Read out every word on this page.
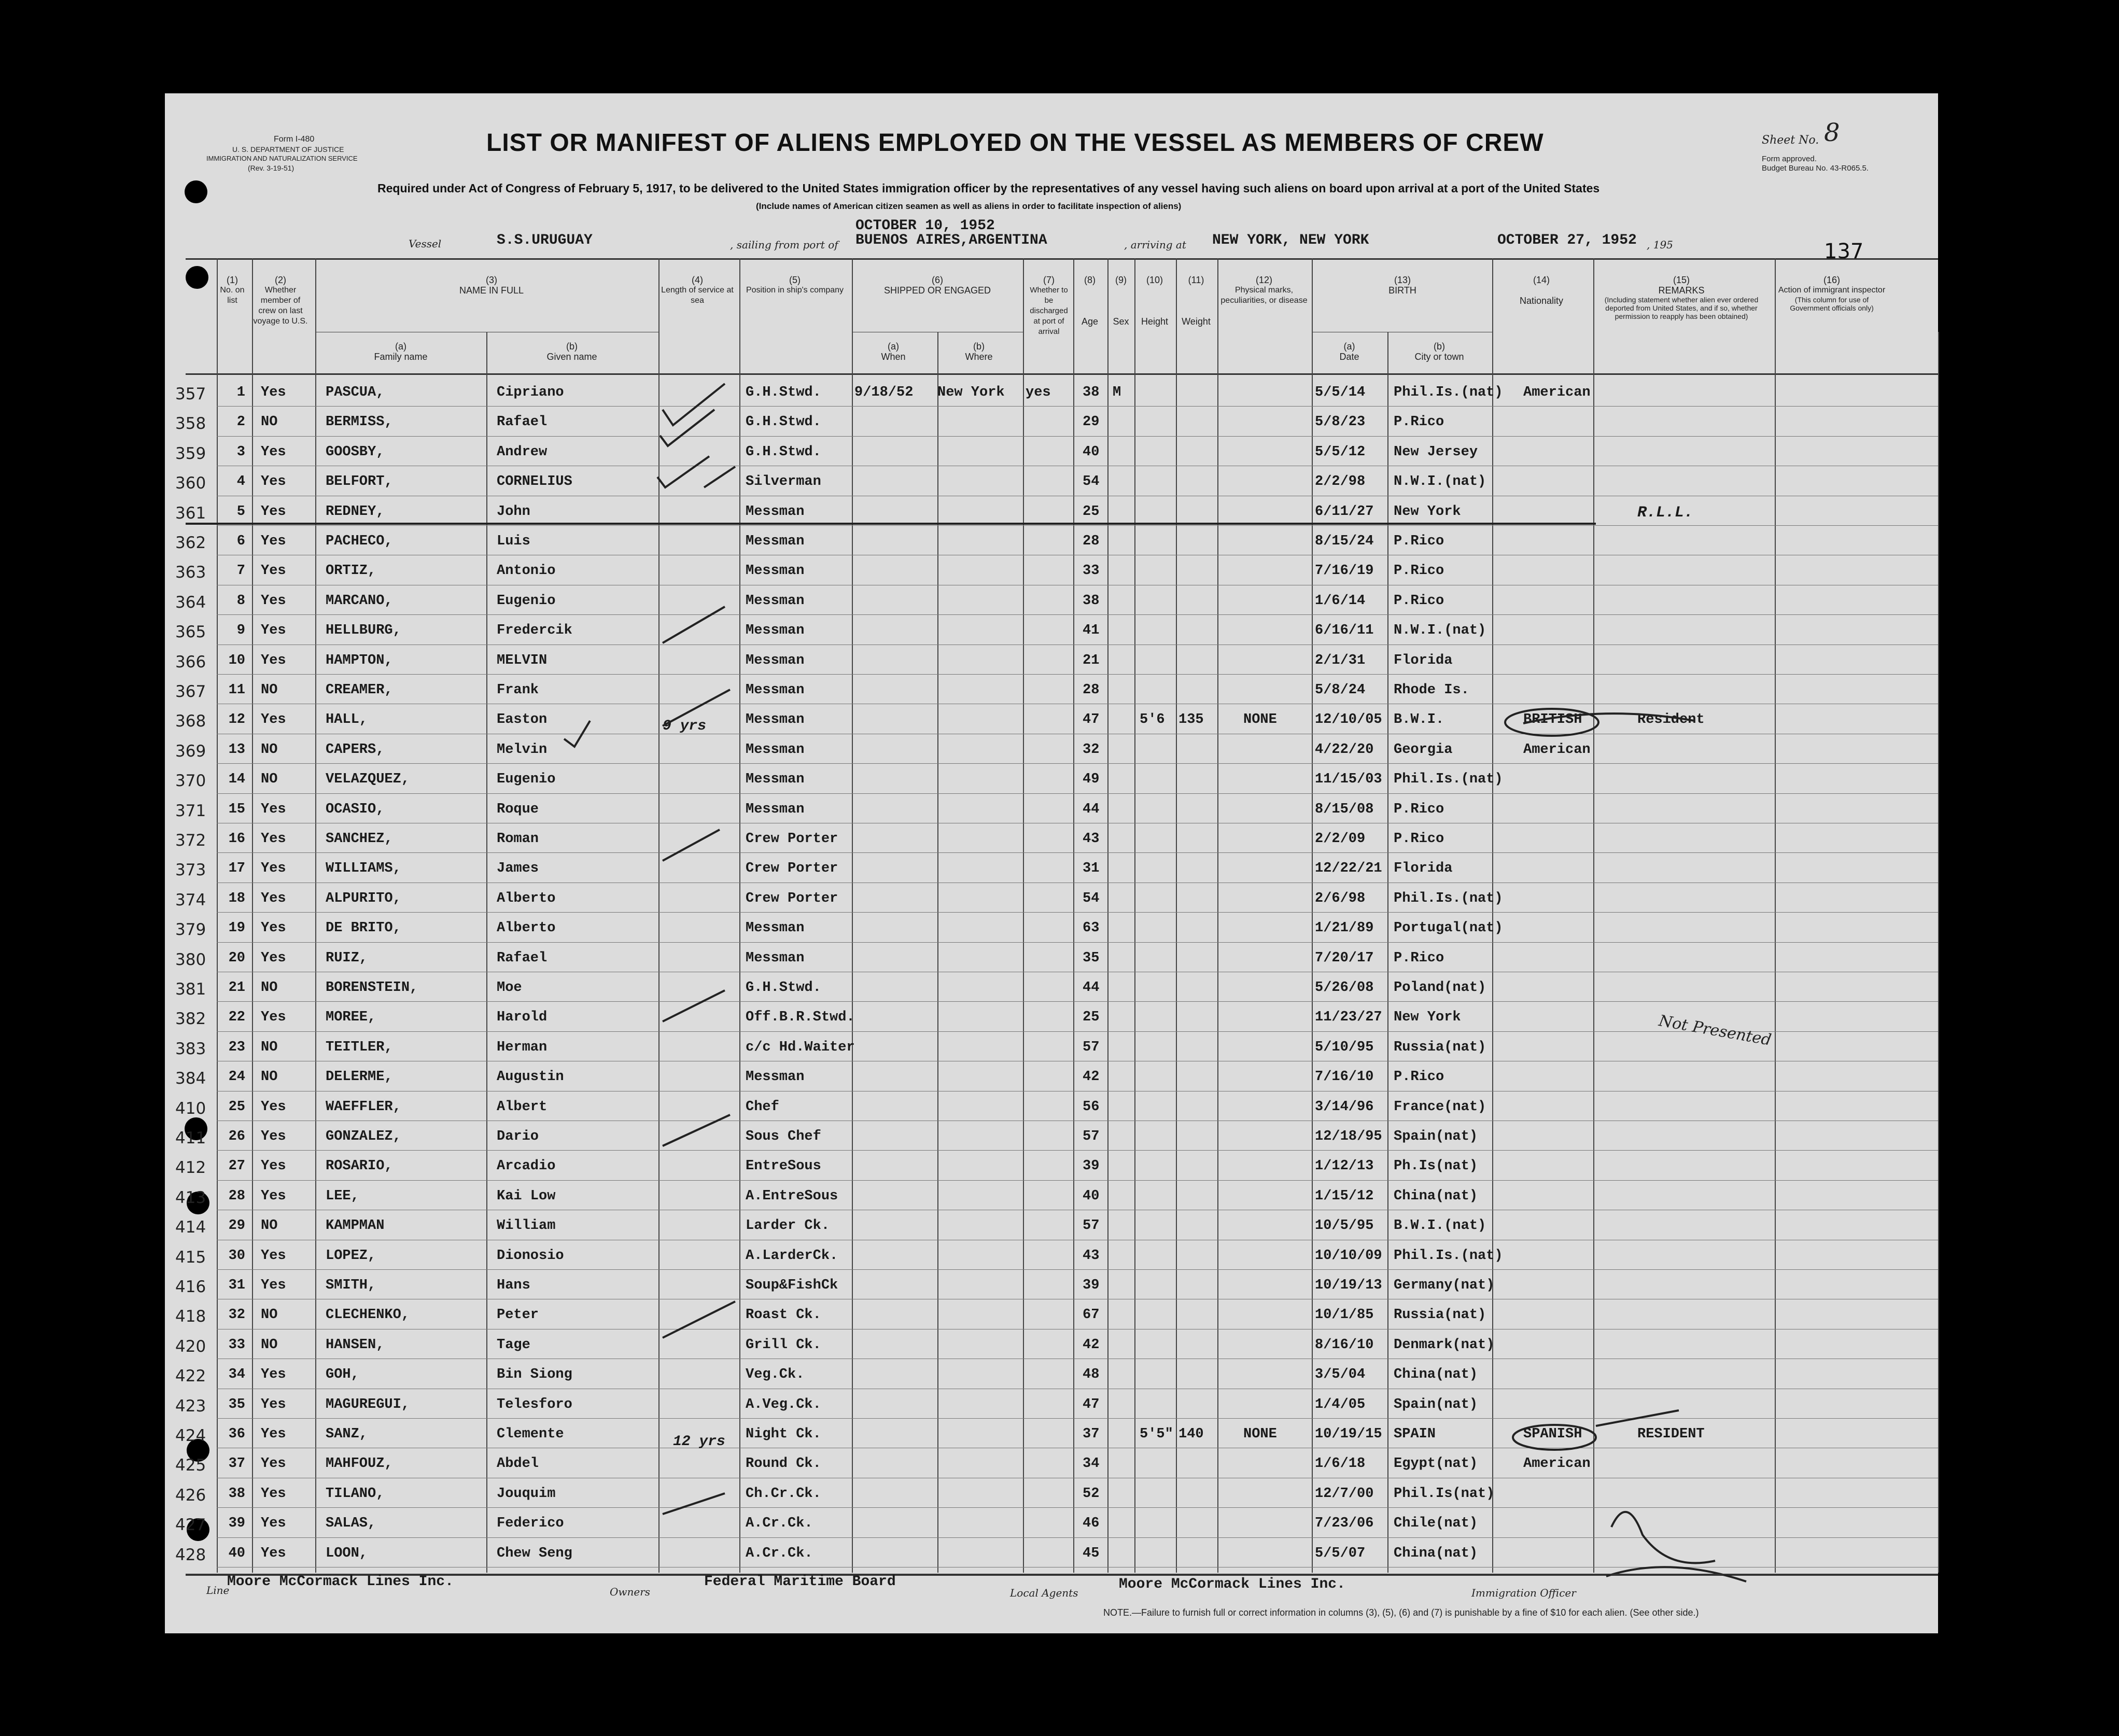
Form I-480
U. S. DEPARTMENT OF JUSTICE
IMMIGRATION AND NATURALIZATION SERVICE
(Rev. 3-19-51)
LIST OR MANIFEST OF ALIENS EMPLOYED ON THE VESSEL AS MEMBERS OF CREW	Sheet No. 8
Form approved.
Budget Bureau No. 43-R065.5.
Required under Act of Congress of February 5, 1917, to be delivered to the United States immigration officer by the representatives of any vessel having such aliens on board upon arrival at a port of the United States
(Include names of American citizen seamen as well as aliens in order to facilitate inspection of aliens)
Vessel	S.S.URUGUAY	, sailing from port of
OCTOBER 10, 1952
BUENOS AIRES,ARGENTINA	, arriving at NEW YORK, NEW YORK	OCTOBER 27, 1952 , 195	137
(1)

No. on list
(2)

Whether member of crew on last voyage to U.S.
(3)
NAME IN FULL
(a)
Family name
(b)
Given name
(4)

Length of service at sea
(5)

Position in ship's company
(6)
SHIPPED OR ENGAGED
(a)
When
(b)
Where
(7)

Whether to be discharged at port of arrival
(8)

Age
(9)

Sex
(10)

Height
(11)

Weight
(12)

Physical marks, peculiarities, or disease
(13)
BIRTH
(a)
Date
(b)
City or town
(14)

Nationality
(15)
REMARKS

(Including statement whether alien ever ordered deported from United States, and if so, whether permission to reapply has been obtained)
(16)

Action of immigrant inspector
(This column for use of Government officials only)
357	1 Yes	PASCUA,	Cipriano	G.H.Stwd. 9/18/52 New York yes 38 M	5/5/14 Phil.Is.(nat) American
358	2 NO	BERMISS,	Rafael	G.H.Stwd.	29	5/8/23 P.Rico
359	3 Yes	GOOSBY,	Andrew	G.H.Stwd.	40	5/5/12 New Jersey
360	4 Yes	BELFORT,	CORNELIUS	Silverman	54	2/2/98 N.W.I.(nat)
361	5 Yes	REDNEY,	John	Messman	25	6/11/27 New York	R.L.L.
362	6 Yes	PACHECO,	Luis	Messman	28	8/15/24 P.Rico
363	7 Yes	ORTIZ,	Antonio	Messman	33	7/16/19 P.Rico
364	8 Yes	MARCANO,	Eugenio	Messman	38	1/6/14 P.Rico
365	9 Yes	HELLBURG,	Fredercik	Messman	41	6/16/11 N.W.I.(nat)
366 10 Yes	HAMPTON,	MELVIN	Messman	21	2/1/31 Florida
367 11 NO	CREAMER,	Frank	Messman	28	5/8/24 Rhode Is.
368 12 Yes	HALL,	Easton	Messman	47	5'6 135	NONE	12/10/05 B.W.I.	BRITISH	Resident
369 13 NO	CAPERS,	Melvin	Messman	32	4/22/20 Georgia	American
370 14 NO	VELAZQUEZ,	Eugenio	Messman	49	11/15/03 Phil.Is.(nat)
371 15 Yes	OCASIO,	Roque	Messman	44	8/15/08 P.Rico
372 16 Yes	SANCHEZ,	Roman	Crew Porter	43	2/2/09 P.Rico
373 17 Yes	WILLIAMS,	James	Crew Porter	31	12/22/21 Florida
374 18 Yes	ALPURITO,	Alberto	Crew Porter	54	2/6/98 Phil.Is.(nat)
379 19 Yes	DE BRITO,	Alberto	Messman	63	1/21/89 Portugal(nat)
380 20 Yes	RUIZ,	Rafael	Messman	35	7/20/17 P.Rico
381 21 NO	BORENSTEIN,	Moe	G.H.Stwd.	44	5/26/08 Poland(nat)
382 22 Yes	MOREE,	Harold	Off.B.R.Stwd.	25	11/23/27 New York
383 23 NO	TEITLER,	Herman	c/c Hd.Waiter	57	5/10/95 Russia(nat)
384 24 NO	DELERME,	Augustin	Messman	42	7/16/10 P.Rico
410 25 Yes	WAEFFLER,	Albert	Chef	56	3/14/96 France(nat)
411 26 Yes	GONZALEZ,	Dario	Sous Chef	57	12/18/95 Spain(nat)
412 27 Yes	ROSARIO,	Arcadio	EntreSous	39	1/12/13 Ph.Is(nat)
413 28 Yes	LEE,	Kai Low	A.EntreSous	40	1/15/12 China(nat)
414 29 NO	KAMPMAN	William	Larder Ck.	57	10/5/95 B.W.I.(nat)
415 30 Yes	LOPEZ,	Dionosio	A.LarderCk.	43	10/10/09 Phil.Is.(nat)
416 31 Yes	SMITH,	Hans	Soup&FishCk	39	10/19/13 Germany(nat)
418 32 NO	CLECHENKO,	Peter	Roast Ck.	67	10/1/85 Russia(nat)
420 33 NO	HANSEN,	Tage	Grill Ck.	42	8/16/10 Denmark(nat)
422 34 Yes	GOH,	Bin Siong	Veg.Ck.	48	3/5/04 China(nat)
423 35 Yes	MAGUREGUI,	Telesforo	A.Veg.Ck.	47	1/4/05 Spain(nat)
424 36 Yes	SANZ,	Clemente	Night Ck.	37	5'5" 140	NONE	10/19/15 SPAIN	SPANISH	RESIDENT
425 37 Yes	MAHFOUZ,	Abdel	Round Ck.	34	1/6/18 Egypt(nat)	American
426 38 Yes	TILANO,	Jouquim	Ch.Cr.Ck.	52	12/7/00 Phil.Is(nat)
427 39 Yes	SALAS,	Federico	A.Cr.Ck.	46	7/23/06 Chile(nat)
428 40 Yes	LOON,	Chew Seng	A.Cr.Ck.	45	5/5/07 China(nat)
9 yrs
12 yrs
Not Presented
Line
Moore McCormack Lines Inc.
Owners
Federal Maritime Board
Local Agents
Moore McCormack Lines Inc.
Immigration Officer
NOTE.—Failure to furnish full or correct information in columns (3), (5), (6) and (7) is punishable by a fine of $10 for each alien. (See other side.)
